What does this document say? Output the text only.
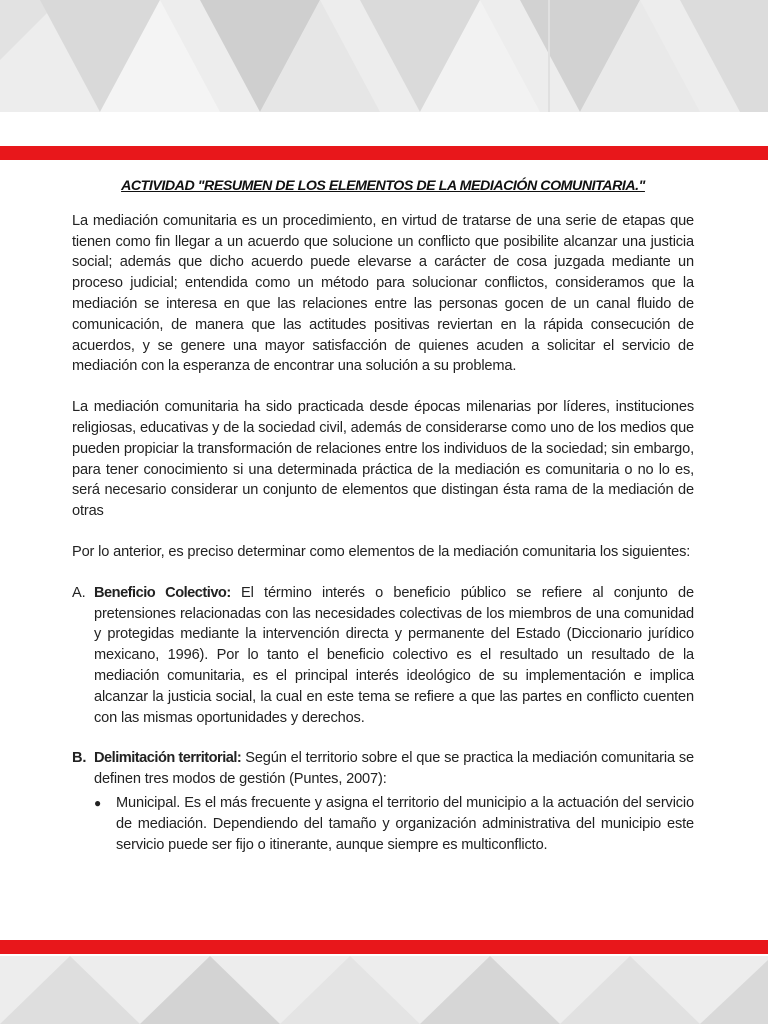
ACTIVIDAD "RESUMEN DE LOS ELEMENTOS DE LA MEDIACIÓN COMUNITARIA."

La mediación comunitaria es un procedimiento, en virtud de tratarse de una serie de etapas que tienen como fin llegar a un acuerdo que solucione un conflicto que posibilite alcanzar una justicia social; además que dicho acuerdo puede elevarse a carácter de cosa juzgada mediante un proceso judicial; entendida como un método para solucionar conflictos, consideramos que la mediación se interesa en que las relaciones entre las personas gocen de un canal fluido de comunicación, de manera que las actitudes positivas reviertan en la rápida consecución de acuerdos, y se genere una mayor satisfacción de quienes acuden a solicitar el servicio de mediación con la esperanza de encontrar una solución a su problema.

La mediación comunitaria ha sido practicada desde épocas milenarias por líderes, instituciones religiosas, educativas y de la sociedad civil, además de considerarse como uno de los medios que pueden propiciar la transformación de relaciones entre los individuos de la sociedad; sin embargo, para tener conocimiento si una determinada práctica de la mediación es comunitaria o no lo es, será necesario considerar un conjunto de elementos que distingan ésta rama de la mediación de otras

Por lo anterior, es preciso determinar como elementos de la mediación comunitaria los siguientes:

A. Beneficio Colectivo: El término interés o beneficio público se refiere al conjunto de pretensiones relacionadas con las necesidades colectivas de los miembros de una comunidad y protegidas mediante la intervención directa y permanente del Estado (Diccionario jurídico mexicano, 1996). Por lo tanto el beneficio colectivo es el resultado un resultado de la mediación comunitaria, es el principal interés ideológico de su implementación e implica alcanzar la justicia social, la cual en este tema se refiere a que las partes en conflicto cuenten con las mismas oportunidades y derechos.
B. Delimitación territorial: Según el territorio sobre el que se practica la mediación comunitaria se definen tres modos de gestión (Puntes, 2007):
●	Municipal. Es el más frecuente y asigna el territorio del municipio a la actuación del servicio de mediación. Dependiendo del tamaño y organización administrativa del municipio este servicio puede ser fijo o itinerante, aunque siempre es multiconflicto.
